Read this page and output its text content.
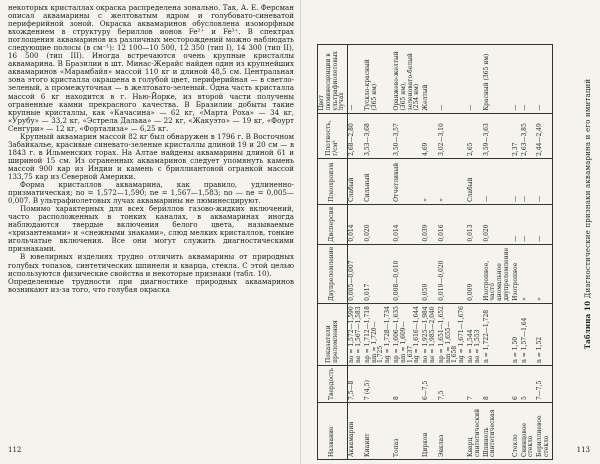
некоторых кристаллах окраска распределена зонально. Так, А. Е. Ферсман описал аквамарины с желтоватым ядром и голубовато-синеватой периферийной зоной. Окраска аквамаринов обусловлена изоморфным вхождением в структуру бериллов ионов Fe²⁺ и Fe³⁺. В спектрах поглощения аквамаринов из различных месторождений можно наблюдать следующие полосы (в см⁻¹): 12 100—10 500, 12 350 (тип I), 14 300 (тип II), 16 500 (тип III). Иногда встречаются очень крупные кристаллы аквамарина. В Бразилии в шт. Минас-Жерайс найден один из крупнейших аквамаринов «Марамбайя» массой 110 кг и длиной 48,5 см. Центральная зона этого кристалла окрашена в голубой цвет, периферийная — в светло-зеленый, а промежуточная — в желтовато-зеленый. Одна часть кристалла массой 6 кг находится в г. Нью-Йорке, из второй части получены ограненные камни прекрасного качества. В Бразилии добыты такие крупные кристаллы, как «Качасина» — 62 кг, «Марта Роха» — 34 кг, «Урубу» — 33,2 кг, «Эстрела Дальва» — 22 кг, «Жакуэто» — 19 кг, «Фоурт Сенгури» — 12 кг, «Фортализа» — 6,25 кг.

Крупный аквамарин массой 82 кг был обнаружен в 1796 г. В Восточном Забайкалье, красивые синевато-зеленые кристаллы длиной 19 и 20 см — в 1843 г. в Ильменских горах. На Алтае найдены аквамарины длиной 61 и шириной 15 см. Из ограненных аквамаринов следует упомянуть камень массой 900 кар из Индии и камень с бриллиантовой огранкой массой 133,75 кар из Северной Америки.

Форма кристаллов аквамарина, как правило, удлиненно-призматическая; nо = 1,572—1,590; nе = 1,567—1,583; nо — nе = 0,005—0,007. В ультрафиолетовых лучах аквамарины не люминесцируют.

Помимо характерных для всех бериллов газово-жидких включений, часто расположенных в тонких каналах, в аквамаринах иногда наблюдаются твердые включения белого цвета, называемые «хризантемами» и «снежными знаками», слюд мелких кристаллов, тонкие игольчатые включения. Все они могут служить диагностическими признаками.

В ювелирных изделиях трудно отличить аквамарины от природных голубых топазов, синтетических шпинели и кварца, стекла. С этой целью используются физические свойства и некоторые признаки (табл. 10).

Определенные трудности при диагностике природных аквамаринов возникают из-за того, что голубая окраска

112	Название	Твердость	Показатели преломления	Двупреломление	Дисперсия	Плеохроизм	Плотность, г/см³	Цвет люминесценции в ультрафиолетовых лучах
Аквамарин	7,5—8	nо = 1,572—1,590
nе = 1,567—1,583	0,005—0,007	0,014	Слабый	2,68—2,80	—
Кианит	7 (4,5)	nр = 1,712—1,718
nm = 1,720—1,725
ng = 1,728—1,734	0,017	0,020	Сильный	3,53—3,68	Тускло-красный (365 нм)
Топаз	8	np = 1,606—1,635
nm = 1,609—1,637
ng = 1,616—1,644	0,008—0,010	0,014	Отчетливый	3,50—3,57	Оранжево-желтый (365 нм), зеленовато-белый (254 нм)
Циркон	6—7,5	nо = 1,925—1,984
nе = 1,985—2,040	0,059	0,039	»	4,69	Желтый
Эвклаз	7,5	nр = 1,651—1,652
nm = 1,655—1,658
ng = 1,671—1,676	0,019—0,020	0,016	»	3,02—3,10	—
Кварц синтетический	7	nо = 1,544
nе = 1,553	0,009	0,013	Слабый	2,65	—
Шпинель синтетическая	8	n = 1,722—1,728	Изотропное, часто аномальное двупреломление	0,020	—	3,59—3,63	Красный (365 нм)
Стекло	6	n = 1,50	Изотропное	—	—	2,37	—
Свинцовое стекло	5	n = 1,57—1,64	»	—	—	2,63—3,85	—
Бериллиевое стекло	7—7,5	n = 1,52	»	—	—	2,44—2,49	—
Таблица 10 Диагностические признаки аквамарина и его имитаций
113
